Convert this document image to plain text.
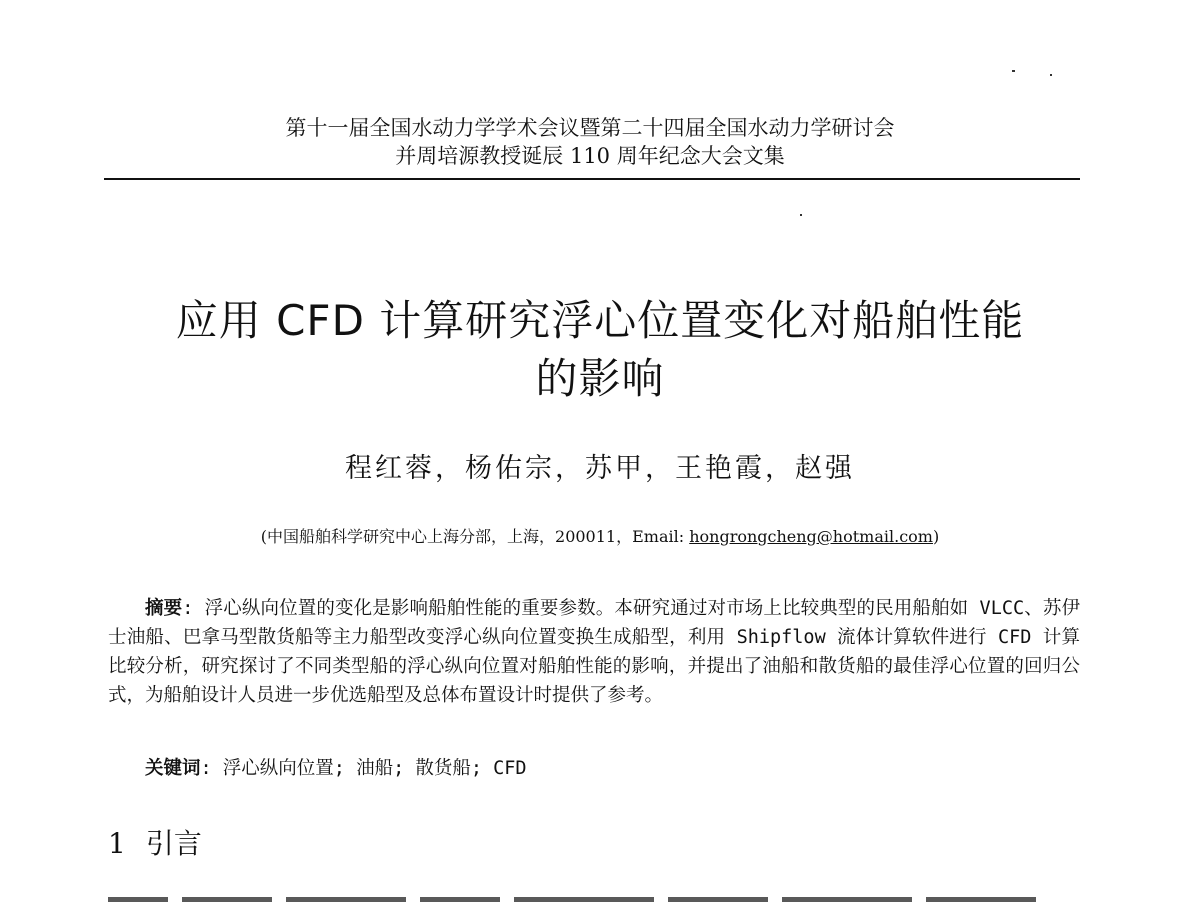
第十一届全国水动力学学术会议暨第二十四届全国水动力学研讨会
并周培源教授诞辰 110 周年纪念大会文集
应用 CFD 计算研究浮心位置变化对船舶性能
的影响
程红蓉，杨佑宗，苏甲，王艳霞，赵强
(中国船舶科学研究中心上海分部，上海，200011，Email: hongrongcheng@hotmail.com)

摘要: 浮心纵向位置的变化是影响船舶性能的重要参数。本研究通过对市场上比较典型的民用船舶如 VLCC、苏伊士油船、巴拿马型散货船等主力船型改变浮心纵向位置变换生成船型，利用 Shipflow 流体计算软件进行 CFD 计算比较分析，研究探讨了不同类型船的浮心纵向位置对船舶性能的影响，并提出了油船和散货船的最佳浮心位置的回归公式，为船舶设计人员进一步优选船型及总体布置设计时提供了参考。

关键词: 浮心纵向位置; 油船; 散货船; CFD
1 引言
